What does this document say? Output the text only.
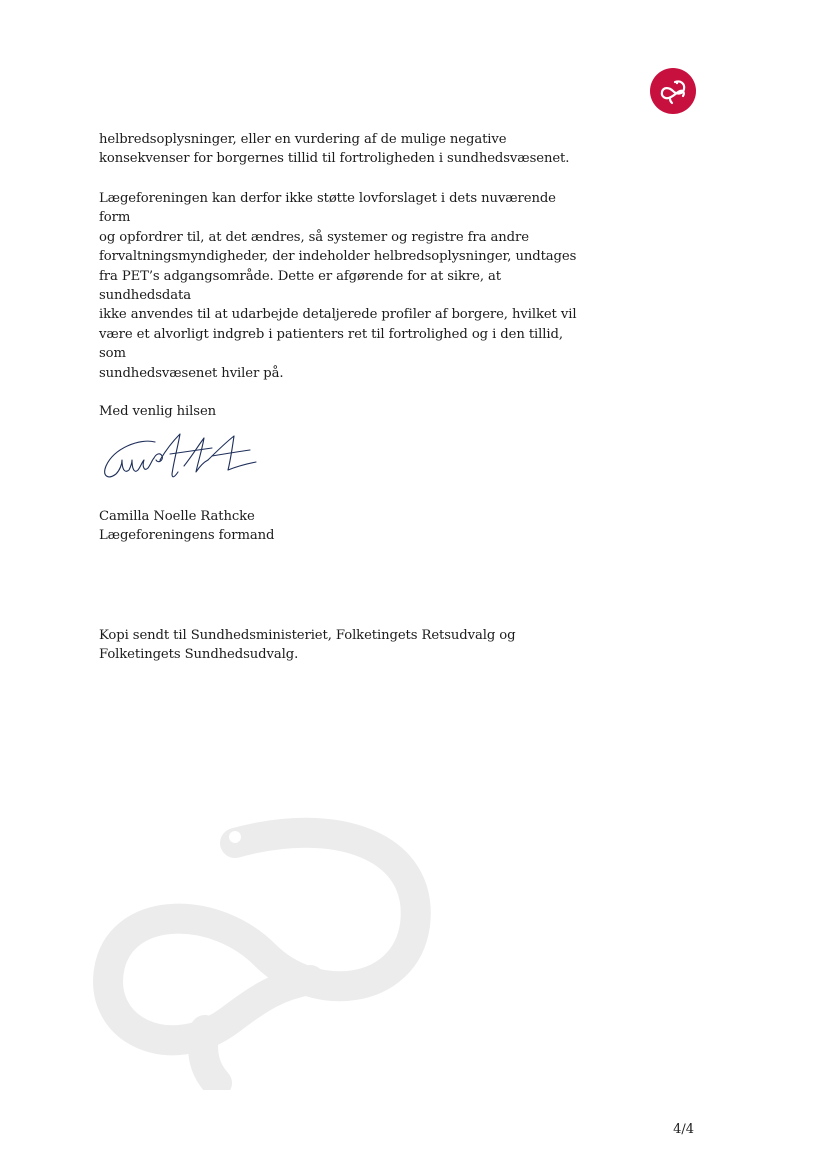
helbredsoplysninger, eller en vurdering af de mulige negative

konsekvenser for borgernes tillid til fortroligheden i sundhedsvæsenet.

Lægeforeningen kan derfor ikke støtte lovforslaget i dets nuværende form

og opfordrer til, at det ændres, så systemer og registre fra andre

forvaltningsmyndigheder, der indeholder helbredsoplysninger, undtages

fra PET’s adgangsområde. Dette er afgørende for at sikre, at sundhedsdata

ikke anvendes til at udarbejde detaljerede profiler af borgere, hvilket vil

være et alvorligt indgreb i patienters ret til fortrolighed og i den tillid, som

sundhedsvæsenet hviler på.

Med venlig hilsen

Camilla Noelle Rathcke

Lægeforeningens formand

Kopi sendt til Sundhedsministeriet, Folketingets Retsudvalg og

Folketingets Sundhedsudvalg.

4/4
